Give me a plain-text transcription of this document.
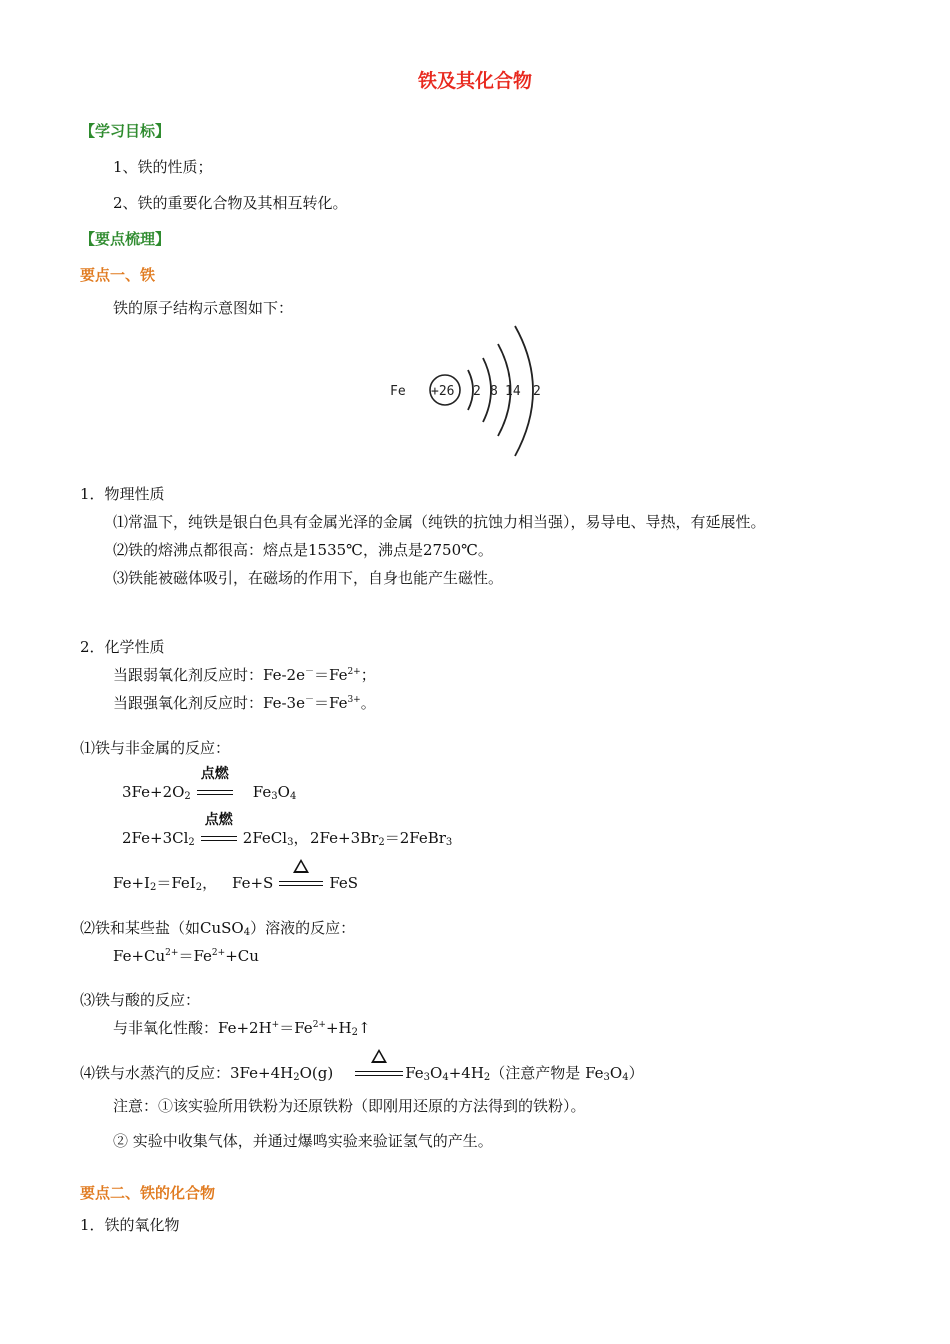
铁及其化合物
【学习目标】
1、铁的性质；
2、铁的重要化合物及其相互转化。
【要点梳理】
要点一、铁
铁的原子结构示意图如下：
Fe +26 2 8 14 2
1．物理性质
⑴常温下，纯铁是银白色具有金属光泽的金属（纯铁的抗蚀力相当强），易导电、导热，有延展性。
⑵铁的熔沸点都很高：熔点是1535℃，沸点是2750℃。
⑶铁能被磁体吸引，在磁场的作用下，自身也能产生磁性。
2．化学性质
当跟弱氧化剂反应时：$Fe-2e^-=Fe^{2+}$；
当跟强氧化剂反应时：$Fe-3e^-=Fe^{3+}$。
⑴铁与非金属的反应：
$3Fe+2O_2$
点燃
$Fe_3O_4$
$2Fe+3Cl_2$
点燃
2FeCl$_3$， $2Fe+3Br_2=2FeBr_3$
$Fe+I_2=FeI_2$， Fe+S	FeS
⑵铁和某些盐（如CuSO$_4$）溶液的反应：
$Fe+Cu^{2+}=Fe^{2+}+Cu$
⑶铁与酸的反应：
与非氧化性酸：$Fe+2H^+=Fe^{2+}+H_2↑$
⑷铁与水蒸汽的反应：$3Fe+4H_2O(g)$	$Fe_3O_4+4H_2$（注意产物是 $Fe_3O_4$）
注意：①该实验所用铁粉为还原铁粉（即刚用还原的方法得到的铁粉）。
② 实验中收集气体，并通过爆鸣实验来验证氢气的产生。
要点二、铁的化合物
1．铁的氧化物
